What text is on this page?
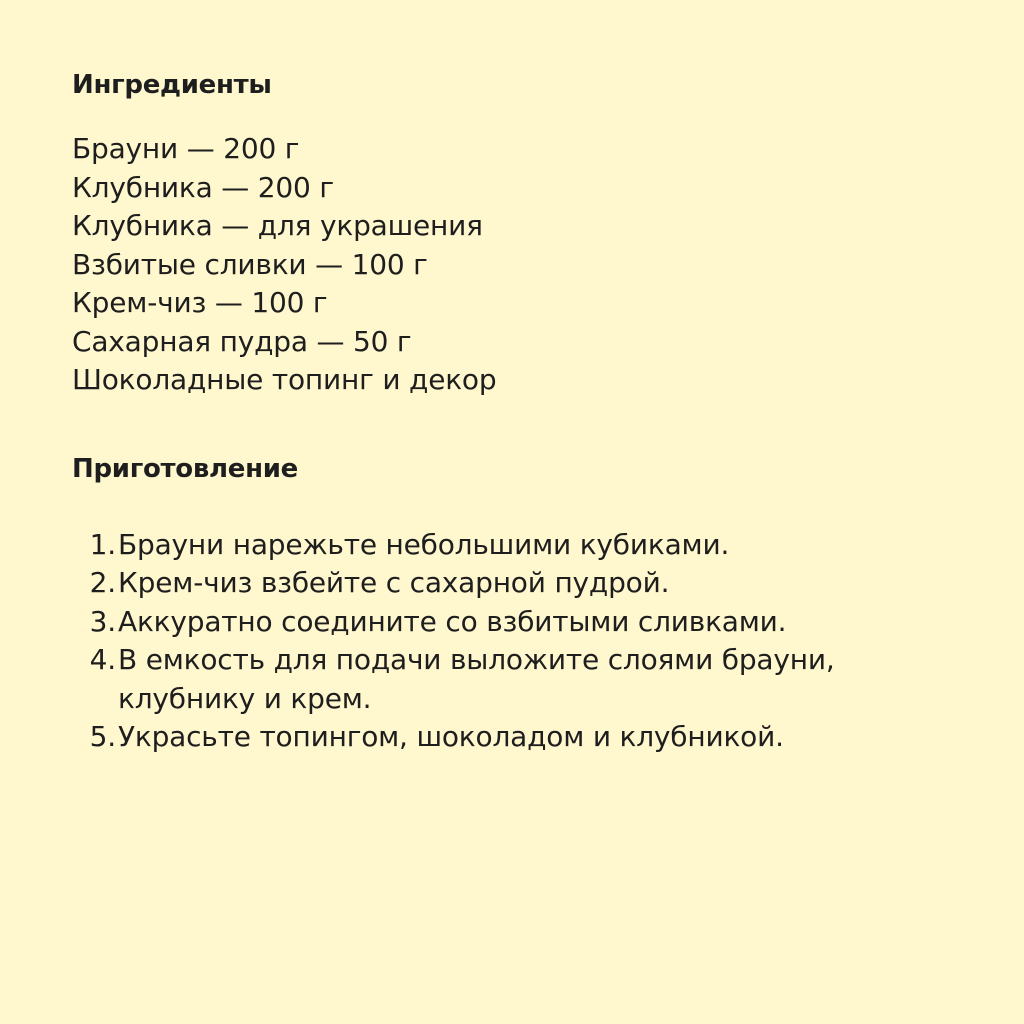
Ингредиенты
Брауни — 200 г
Клубника — 200 г
Клубника — для украшения
Взбитые сливки — 100 г
Крем-чиз — 100 г
Сахарная пудра — 50 г
Шоколадные топинг и декор
Приготовление
1. Брауни нарежьте небольшими кубиками.
2. Крем-чиз взбейте с сахарной пудрой.
3. Аккуратно соедините со взбитыми сливками.
4. В емкость для подачи выложите слоями брауни, клубнику и крем.
5. Украсьте топингом, шоколадом и клубникой.
